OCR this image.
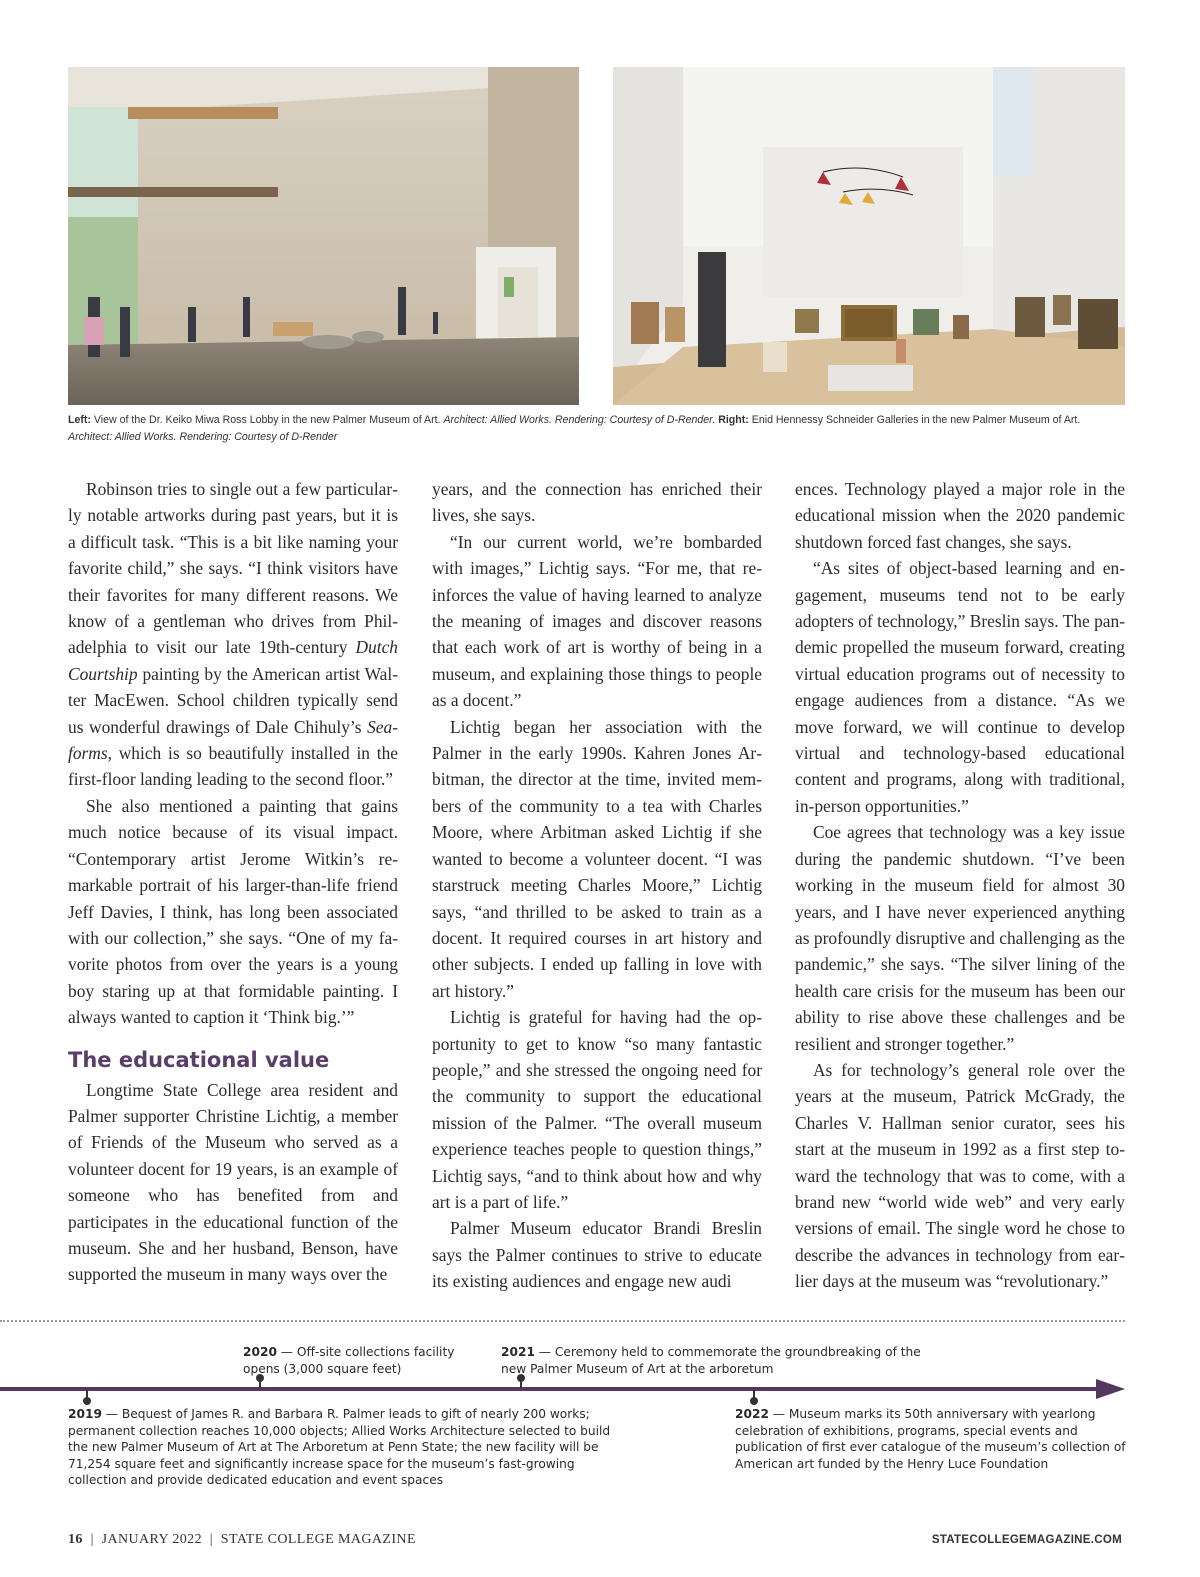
Left: View of the Dr. Keiko Miwa Ross Lobby in the new Palmer Museum of Art. Architect: Allied Works. Rendering: Courtesy of D-Render. Right: Enid Hennessy Schneider Galleries in the new Palmer Museum of Art.
Architect: Allied Works. Rendering: Courtesy of D-Render

Robinson tries to single out a few particularly notable artworks during past years, but it is a difficult task. “This is a bit like naming your favorite child,” she says. “I think visitors have their favorites for many different reasons. We know of a gentleman who drives from Philadelphia to visit our late 19th-century Dutch Courtship painting by the American artist Walter MacEwen. School children typically send us wonderful drawings of Dale Chihuly’s Seaforms, which is so beautifully installed in the first-floor landing leading to the second floor.”

She also mentioned a painting that gains much notice because of its visual impact. “Contemporary artist Jerome Witkin’s remarkable portrait of his larger-than-life friend Jeff Davies, I think, has long been associated with our collection,” she says. “One of my favorite photos from over the years is a young boy staring up at that formidable painting. I always wanted to caption it ‘Think big.’”

The educational value

Longtime State College area resident and Palmer supporter Christine Lichtig, a member of Friends of the Museum who served as a volunteer docent for 19 years, is an example of someone who has benefited from and participates in the educational function of the museum. She and her husband, Benson, have supported the museum in many ways over the

years, and the connection has enriched their lives, she says.

“In our current world, we’re bombarded with images,” Lichtig says. “For me, that reinforces the value of having learned to analyze the meaning of images and discover reasons that each work of art is worthy of being in a museum, and explaining those things to people as a docent.”

Lichtig began her association with the Palmer in the early 1990s. Kahren Jones Arbitman, the director at the time, invited members of the community to a tea with Charles Moore, where Arbitman asked Lichtig if she wanted to become a volunteer docent. “I was starstruck meeting Charles Moore,” Lichtig says, “and thrilled to be asked to train as a docent. It required courses in art history and other subjects. I ended up falling in love with art history.”

Lichtig is grateful for having had the opportunity to get to know “so many fantastic people,” and she stressed the ongoing need for the community to support the educational mission of the Palmer. “The overall museum experience teaches people to question things,” Lichtig says, “and to think about how and why art is a part of life.”

Palmer Museum educator Brandi Breslin says the Palmer continues to strive to educate its existing audiences and engage new audi

ences. Technology played a major role in the educational mission when the 2020 pandemic shutdown forced fast changes, she says.

“As sites of object-based learning and engagement, museums tend not to be early adopters of technology,” Breslin says. The pandemic propelled the museum forward, creating virtual education programs out of necessity to engage audiences from a distance. “As we move forward, we will continue to develop virtual and technology-based educational content and programs, along with traditional, in-person opportunities.”

Coe agrees that technology was a key issue during the pandemic shutdown. “I’ve been working in the museum field for almost 30 years, and I have never experienced anything as profoundly disruptive and challenging as the pandemic,” she says. “The silver lining of the health care crisis for the museum has been our ability to rise above these challenges and be resilient and stronger together.”

As for technology’s general role over the years at the museum, Patrick McGrady, the Charles V. Hallman senior curator, sees his start at the museum in 1992 as a first step toward the technology that was to come, with a brand new “world wide web” and very early versions of email. The single word he chose to describe the advances in technology from earlier days at the museum was “revolutionary.”

2020 — Off-site collections facility opens (3,000 square feet)
2021 — Ceremony held to commemorate the groundbreaking of the new Palmer Museum of Art at the arboretum
2019 — Bequest of James R. and Barbara R. Palmer leads to gift of nearly 200 works; permanent collection reaches 10,000 objects; Allied Works Architecture selected to build the new Palmer Museum of Art at The Arboretum at Penn State; the new facility will be 71,254 square feet and significantly increase space for the museum’s fast-growing collection and provide dedicated education and event spaces
2022 — Museum marks its 50th anniversary with yearlong celebration of exhibitions, programs, special events and publication of first ever catalogue of the museum’s collection of American art funded by the Henry Luce Foundation
16  |  JANUARY 2022  |  STATE COLLEGE MAGAZINE	STATECOLLEGEMAGAZINE.COM
